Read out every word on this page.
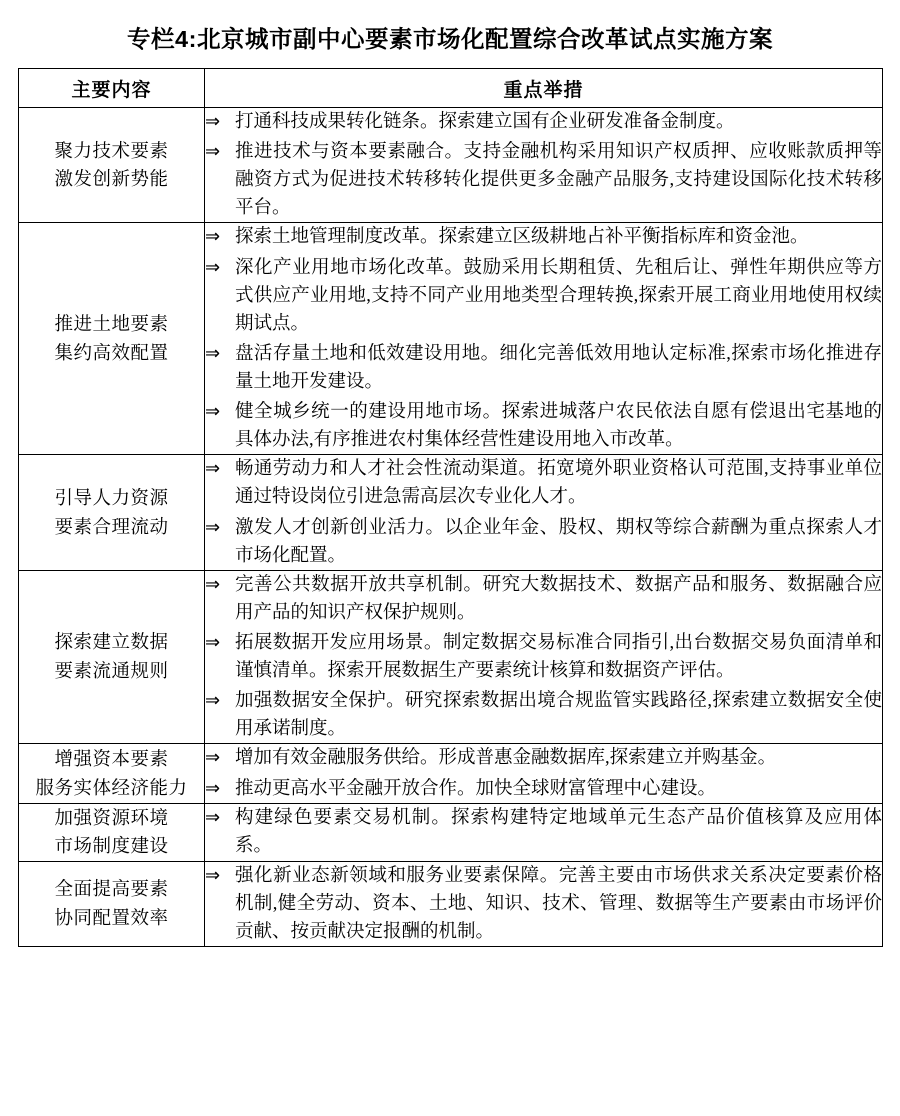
专栏4:北京城市副中心要素市场化配置综合改革试点实施方案
主要内容	重点举措

聚力技术要素
激发创新势能

⇒ 打通科技成果转化链条。探索建立国有企业研发准备金制度。
⇒ 推进技术与资本要素融合。支持金融机构采用知识产权质押、应收账款质押等融资方式为促进技术转移转化提供更多金融产品服务,支持建设国际化技术转移平台。

推进土地要素
集约高效配置

⇒ 探索土地管理制度改革。探索建立区级耕地占补平衡指标库和资金池。
⇒ 深化产业用地市场化改革。鼓励采用长期租赁、先租后让、弹性年期供应等方式供应产业用地,支持不同产业用地类型合理转换,探索开展工商业用地使用权续期试点。
⇒ 盘活存量土地和低效建设用地。细化完善低效用地认定标准,探索市场化推进存量土地开发建设。
⇒ 健全城乡统一的建设用地市场。探索进城落户农民依法自愿有偿退出宅基地的具体办法,有序推进农村集体经营性建设用地入市改革。

引导人力资源
要素合理流动

⇒ 畅通劳动力和人才社会性流动渠道。拓宽境外职业资格认可范围,支持事业单位通过特设岗位引进急需高层次专业化人才。
⇒ 激发人才创新创业活力。以企业年金、股权、期权等综合薪酬为重点探索人才市场化配置。

探索建立数据
要素流通规则

⇒ 完善公共数据开放共享机制。研究大数据技术、数据产品和服务、数据融合应用产品的知识产权保护规则。
⇒ 拓展数据开发应用场景。制定数据交易标准合同指引,出台数据交易负面清单和谨慎清单。探索开展数据生产要素统计核算和数据资产评估。
⇒ 加强数据安全保护。研究探索数据出境合规监管实践路径,探索建立数据安全使用承诺制度。

增强资本要素
服务实体经济能力

⇒ 增加有效金融服务供给。形成普惠金融数据库,探索建立并购基金。
⇒ 推动更高水平金融开放合作。加快全球财富管理中心建设。

加强资源环境
市场制度建设

⇒ 构建绿色要素交易机制。探索构建特定地域单元生态产品价值核算及应用体系。

全面提高要素
协同配置效率

⇒ 强化新业态新领域和服务业要素保障。完善主要由市场供求关系决定要素价格机制,健全劳动、资本、土地、知识、技术、管理、数据等生产要素由市场评价贡献、按贡献决定报酬的机制。
